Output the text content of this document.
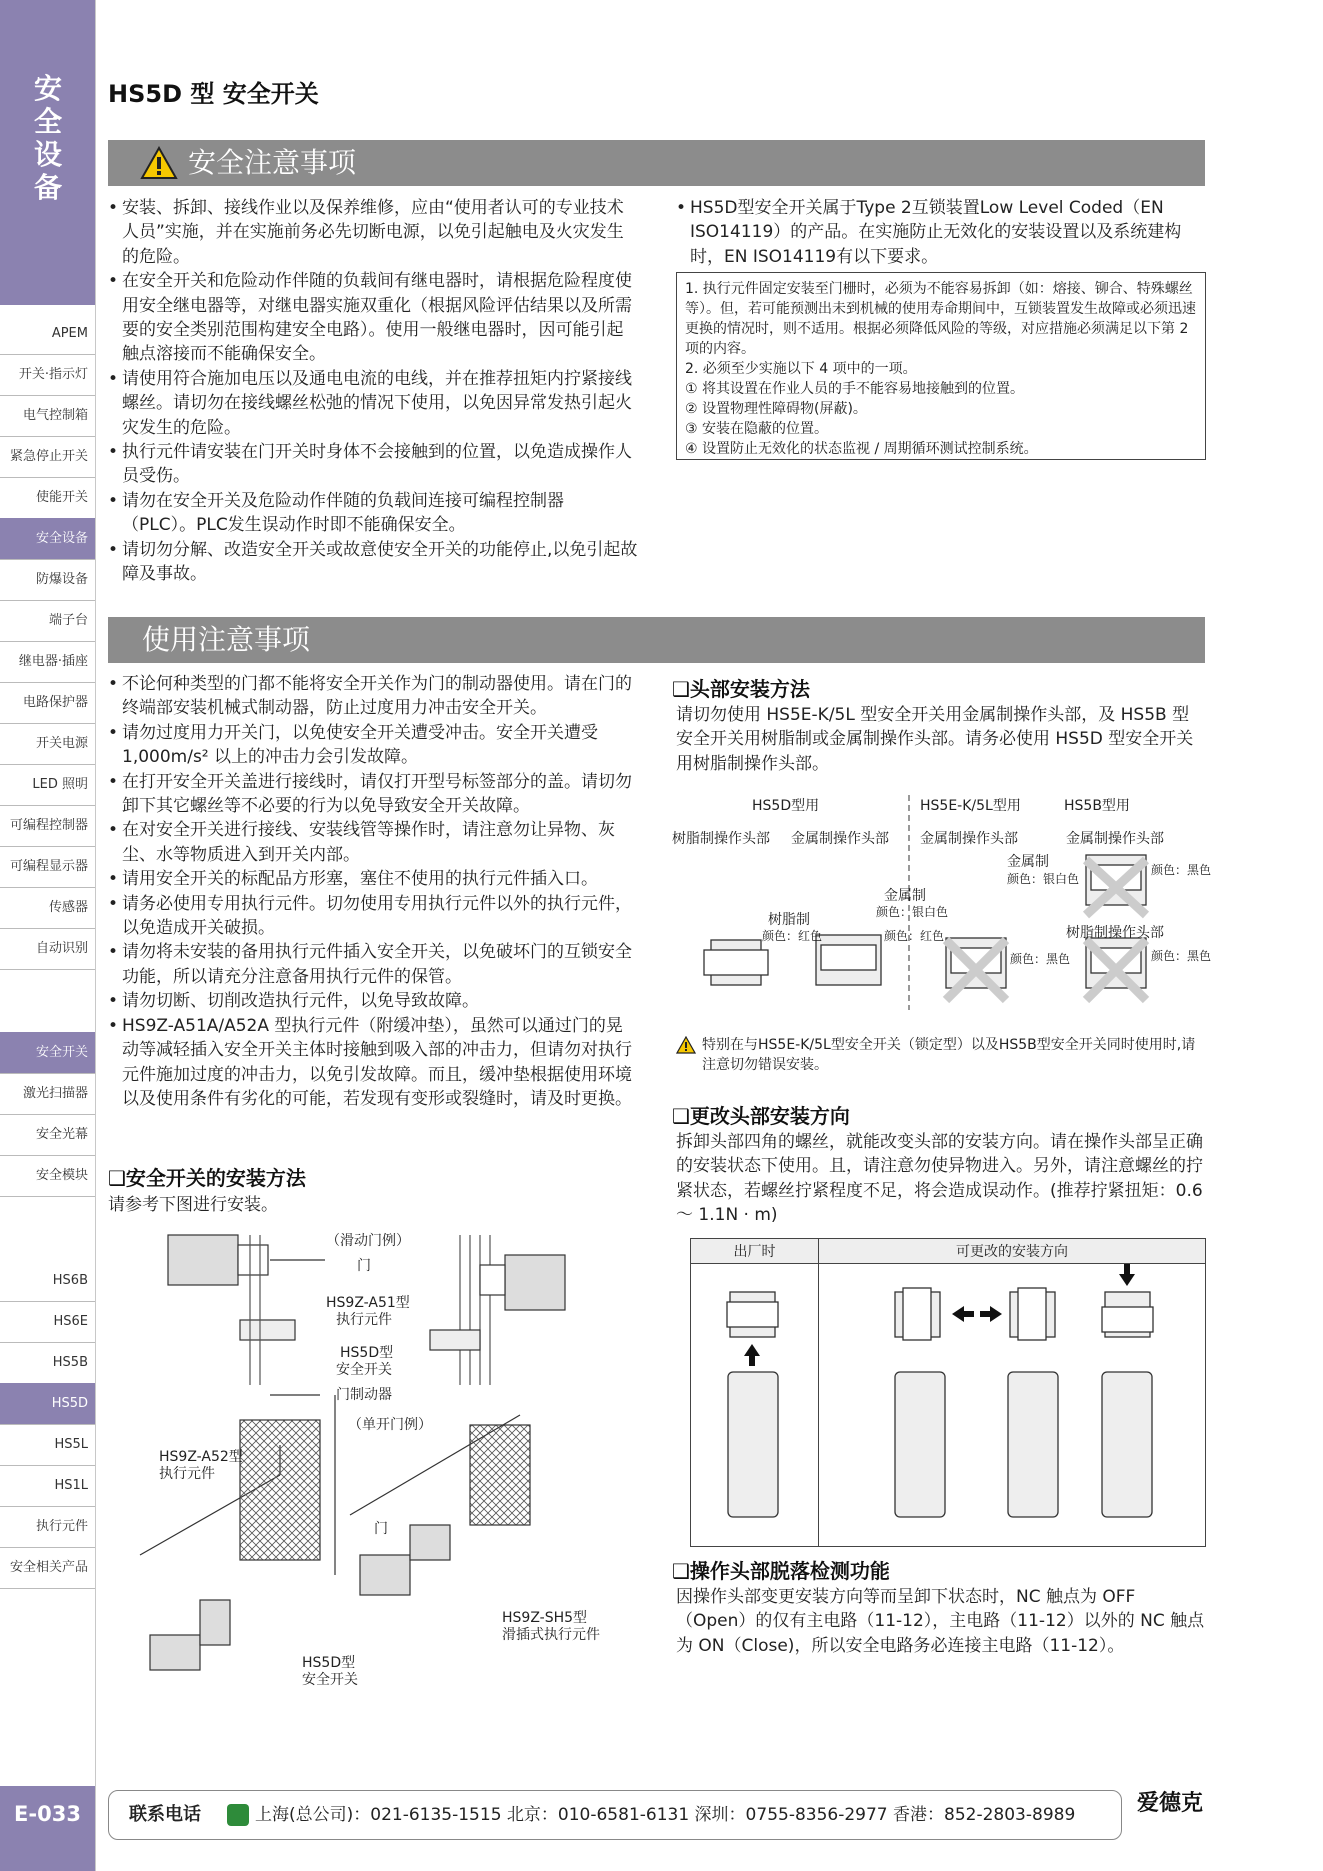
安全设备
APEM
开关·指示灯
电气控制箱
紧急停止开关
使能开关
安全设备
防爆设备
端子台
继电器·插座
电路保护器
开关电源
LED 照明
可编程控制器
可编程显示器
传感器
自动识别
安全开关
激光扫描器
安全光幕
安全模块
HS6B
HS6E
HS5B
HS5D
HS5L
HS1L
执行元件
安全相关产品
E-033
HS5D 型 安全开关
安全注意事项
• 安装、拆卸、接线作业以及保养维修，应由“使用者认可的专业技术人员”实施，并在实施前务必先切断电源，以免引起触电及火灾发生的危险。
• 在安全开关和危险动作伴随的负载间有继电器时，请根据危险程度使用安全继电器等，对继电器实施双重化（根据风险评估结果以及所需要的安全类别范围构建安全电路）。使用一般继电器时，因可能引起触点溶接而不能确保安全。
• 请使用符合施加电压以及通电电流的电线，并在推荐扭矩内拧紧接线螺丝。请切勿在接线螺丝松弛的情况下使用，以免因异常发热引起火灾发生的危险。
• 执行元件请安装在门开关时身体不会接触到的位置，以免造成操作人员受伤。
• 请勿在安全开关及危险动作伴随的负载间连接可编程控制器（PLC）。PLC发生误动作时即不能确保安全。
• 请切勿分解、改造安全开关或故意使安全开关的功能停止,以免引起故障及事故。
• HS5D型安全开关属于Type 2互锁装置Low Level Coded（EN ISO14119）的产品。在实施防止无效化的安装设置以及系统建构时，EN ISO14119有以下要求。
1. 执行元件固定安装至门栅时，必须为不能容易拆卸（如：熔接、铆合、特殊螺丝等）。但，若可能预测出未到机械的使用寿命期间中，互锁装置发生故障或必须迅速更换的情况时，则不适用。根据必须降低风险的等级，对应措施必须满足以下第 2 项的内容。
2. 必须至少实施以下 4 项中的一项。
① 将其设置在作业人员的手不能容易地接触到的位置。
② 设置物理性障碍物(屏蔽)。
③ 安装在隐蔽的位置。
④ 设置防止无效化的状态监视 / 周期循环测试控制系统。
使用注意事项
• 不论何种类型的门都不能将安全开关作为门的制动器使用。请在门的终端部安装机械式制动器，防止过度用力冲击安全开关。
• 请勿过度用力开关门，以免使安全开关遭受冲击。安全开关遭受1,000m/s² 以上的冲击力会引发故障。
• 在打开安全开关盖进行接线时，请仅打开型号标签部分的盖。请切勿卸下其它螺丝等不必要的行为以免导致安全开关故障。
• 在对安全开关进行接线、安装线管等操作时，请注意勿让异物、灰尘、水等物质进入到开关内部。
• 请用安全开关的标配品方形塞，塞住不使用的执行元件插入口。
• 请务必使用专用执行元件。切勿使用专用执行元件以外的执行元件，以免造成开关破损。
• 请勿将未安装的备用执行元件插入安全开关，以免破坏门的互锁安全功能，所以请充分注意备用执行元件的保管。
• 请勿切断、切削改造执行元件，以免导致故障。
• HS9Z-A51A/A52A 型执行元件（附缓冲垫），虽然可以通过门的晃动等减轻插入安全开关主体时接触到吸入部的冲击力，但请勿对执行元件施加过度的冲击力，以免引发故障。而且，缓冲垫根据使用环境以及使用条件有劣化的可能，若发现有变形或裂缝时，请及时更换。
❑安全开关的安装方法
请参考下图进行安装。
（滑动门例）
门
HS9Z-A51型
执行元件
HS5D型
安全开关
门制动器
（单开门例）
HS9Z-A52型
执行元件
门
HS9Z-SH5型
滑插式执行元件
HS5D型
安全开关
❑头部安装方法
请切勿使用 HS5E-K/5L 型安全开关用金属制操作头部，及 HS5B 型安全开关用树脂制或金属制操作头部。请务必使用 HS5D 型安全开关用树脂制操作头部。
HS5D型用	HS5E-K/5L型用	HS5B型用
树脂制操作头部 金属制操作头部 金属制操作头部	金属制操作头部
金属制
颜色：银白色
颜色：黑色
金属制
颜色：银白色
树脂制
颜色：红色	颜色：红色	树脂制操作头部
颜色：黑色	颜色：黑色
特别在与HS5E-K/5L型安全开关（锁定型）以及HS5B型安全开关同时使用时,请注意切勿错误安装。
❑更改头部安装方向
拆卸头部四角的螺丝，就能改变头部的安装方向。请在操作头部呈正确的安装状态下使用。且，请注意勿使异物进入。另外，请注意螺丝的拧紧状态，若螺丝拧紧程度不足，将会造成误动作。(推荐拧紧扭矩：0.6 ～ 1.1N · m)
出厂时	可更改的安装方向

❑操作头部脱落检测功能
因操作头部变更安装方向等而呈卸下状态时，NC 触点为 OFF（Open）的仅有主电路（11-12），主电路（11-12）以外的 NC 触点为 ON（Close)，所以安全电路务必连接主电路（11-12）。
联系电话	上海(总公司)：021-6135-1515 北京：010-6581-6131 深圳：0755-8356-2977 香港：852-2803-8989	爱德克
